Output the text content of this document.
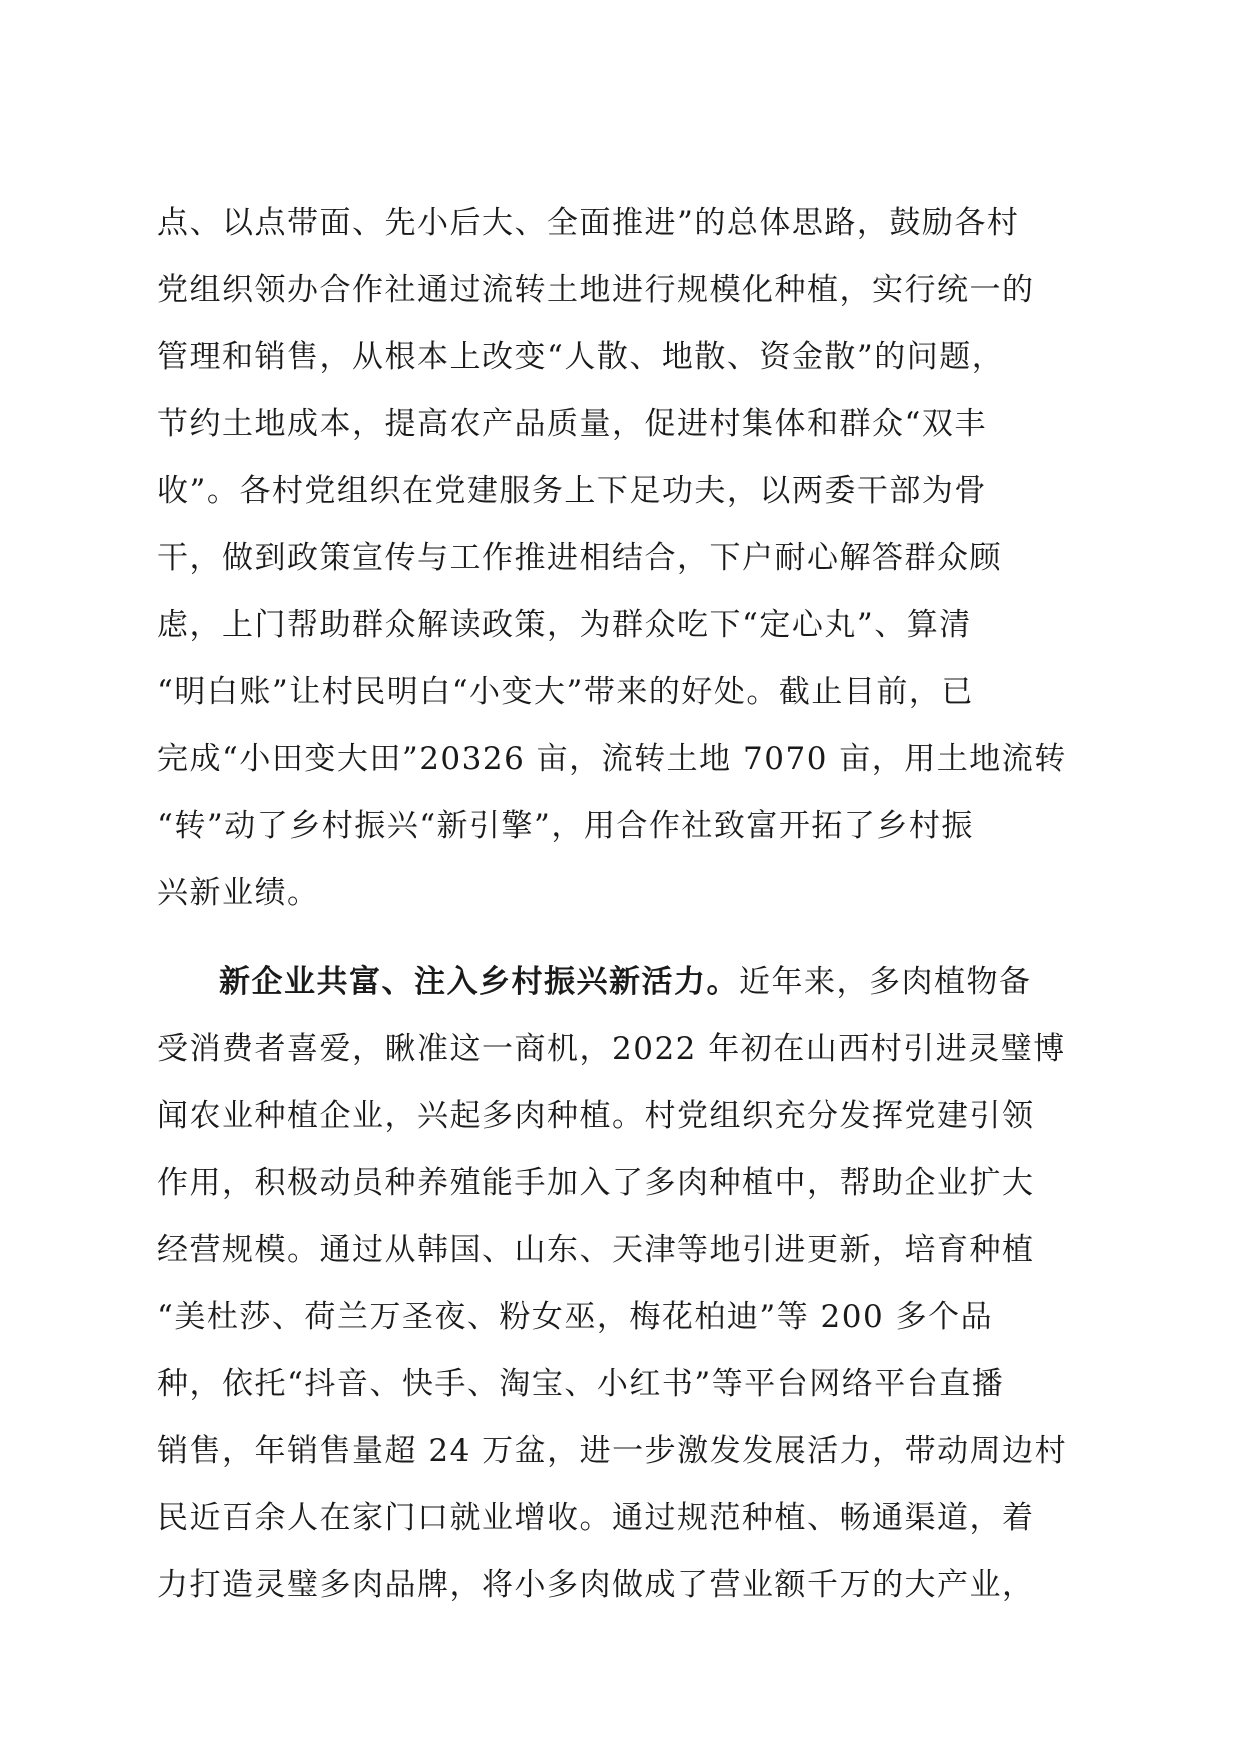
点、以点带面、先小后大、全面推进”的总体思路，鼓励各村
党组织领办合作社通过流转土地进行规模化种植，实行统一的
管理和销售，从根本上改变“人散、地散、资金散”的问题，
节约土地成本，提高农产品质量，促进村集体和群众“双丰
收”。各村党组织在党建服务上下足功夫，以两委干部为骨
干，做到政策宣传与工作推进相结合，下户耐心解答群众顾
虑，上门帮助群众解读政策，为群众吃下“定心丸”、算清
“明白账”让村民明白“小变大”带来的好处。截止目前，已
完成“小田变大田”20326 亩，流转土地 7070 亩，用土地流转
“转”动了乡村振兴“新引擎”，用合作社致富开拓了乡村振
兴新业绩。
新企业共富、注入乡村振兴新活力。近年来，多肉植物备
受消费者喜爱，瞅准这一商机，2022 年初在山西村引进灵璧博
闻农业种植企业，兴起多肉种植。村党组织充分发挥党建引领
作用，积极动员种养殖能手加入了多肉种植中，帮助企业扩大
经营规模。通过从韩国、山东、天津等地引进更新，培育种植
“美杜莎、荷兰万圣夜、粉女巫，梅花柏迪”等 200 多个品
种，依托“抖音、快手、淘宝、小红书”等平台网络平台直播
销售，年销售量超 24 万盆，进一步激发发展活力，带动周边村
民近百余人在家门口就业增收。通过规范种植、畅通渠道，着
力打造灵璧多肉品牌，将小多肉做成了营业额千万的大产业，
